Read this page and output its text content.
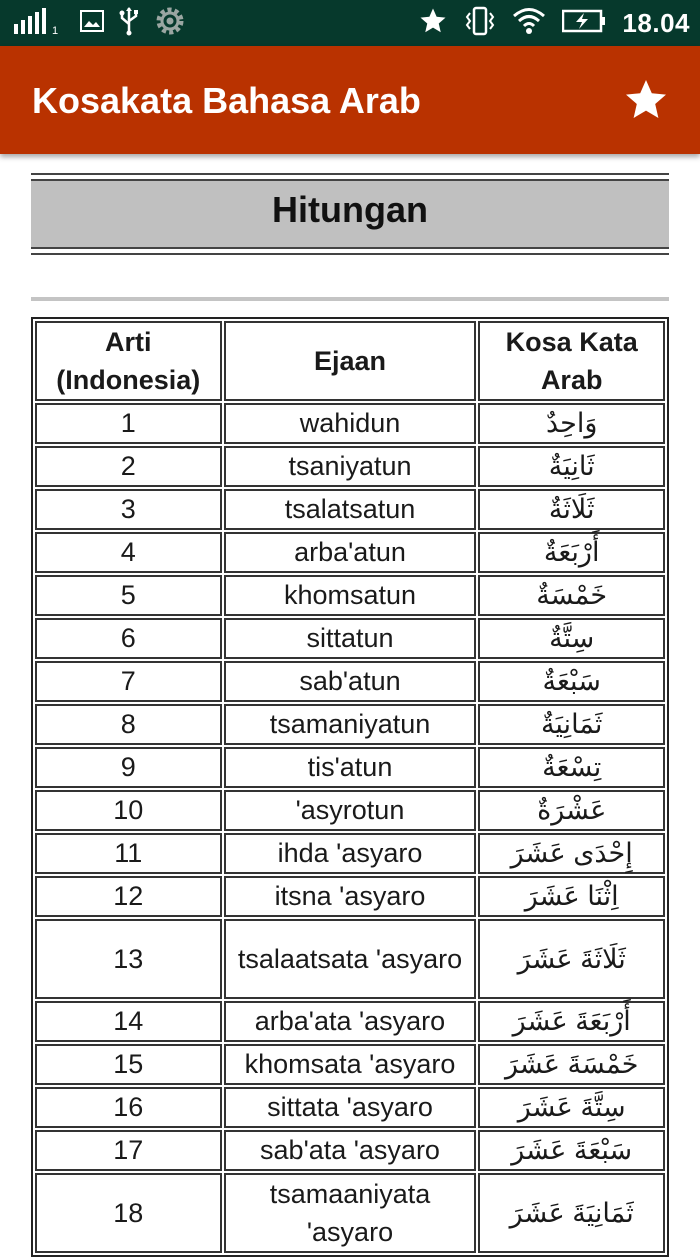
1	18.04
Kosakata Bahasa Arab
Hitungan
Arti
(Indonesia)	Ejaan	Kosa Kata Arab
1	wahidun	وَاحِدٌ
2	tsaniyatun	ثَانِيَةٌ
3	tsalatsatun	ثَلَاثَةٌ
4	arba'atun	أَرْبَعَةٌ
5	khomsatun	خَمْسَةٌ
6	sittatun	سِتَّةٌ
7	sab'atun	سَبْعَةٌ
8	tsamaniyatun	ثَمَانِيَةٌ
9	tis'atun	تِسْعَةٌ
10	'asyrotun	عَشْرَةٌ
11	ihda 'asyaro	إِحْدَى عَشَرَ
12	itsna 'asyaro	اِثْنَا عَشَرَ
13	tsalaatsata 'asyaro	ثَلَاثَةَ عَشَرَ
14	arba'ata 'asyaro	أَرْبَعَةَ عَشَرَ
15	khomsata 'asyaro	خَمْسَةَ عَشَرَ
16	sittata 'asyaro	سِتَّةَ عَشَرَ
17	sab'ata 'asyaro	سَبْعَةَ عَشَرَ
18	tsamaaniyata 'asyaro	ثَمَانِيَةَ عَشَرَ
